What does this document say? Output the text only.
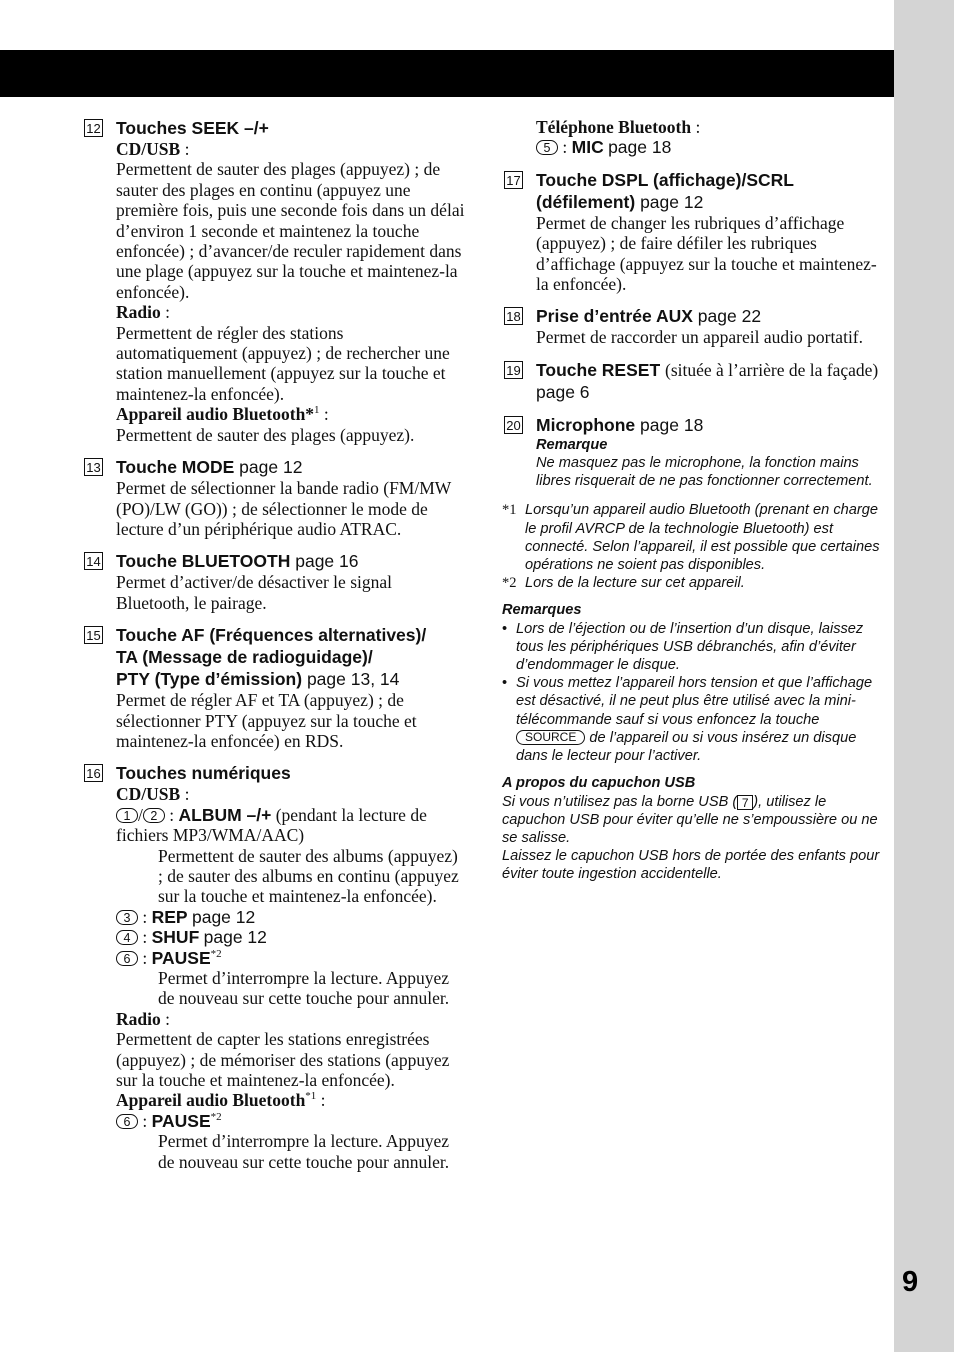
12 Touches SEEK –/+

CD/USB :

Permettent de sauter des plages (appuyez) ; de sauter des plages en continu (appuyez une première fois, puis une seconde fois dans un délai d’environ 1 seconde et maintenez la touche enfoncée) ; d’avancer/de reculer rapidement dans une plage (appuyez sur la touche et maintenez-la enfoncée).

Radio :

Permettent de régler des stations automatiquement (appuyez) ; de rechercher une station manuellement (appuyez sur la touche et maintenez-la enfoncée).

Appareil audio Bluetooth*$^1$ :

Permettent de sauter des plages (appuyez).

13 Touche MODE page 12

Permet de sélectionner la bande radio (FM/MW (PO)/LW (GO)) ; de sélectionner le mode de lecture d’un périphérique audio ATRAC.

14 Touche BLUETOOTH page 16

Permet d’activer/de désactiver le signal Bluetooth, le pairage.

15 Touche AF (Fréquences alternatives)/
TA (Message de radioguidage)/
PTY (Type d’émission) page 13, 14

Permet de régler AF et TA (appuyez) ; de sélectionner PTY (appuyez sur la touche et maintenez-la enfoncée) en RDS.

16 Touches numériques

CD/USB :

1 / 2 : ALBUM –/+ (pendant la lecture de fichiers MP3/WMA/AAC)

Permettent de sauter des albums (appuyez) ; de sauter des albums en continu (appuyez sur la touche et maintenez-la enfoncée).

3 : REP page 12

4 : SHUF page 12

6 : PAUSE$^{*2}$

Permet d’interrompre la lecture. Appuyez de nouveau sur cette touche pour annuler.

Radio :

Permettent de capter les stations enregistrées (appuyez) ; de mémoriser des stations (appuyez sur la touche et maintenez-la enfoncée).

Appareil audio Bluetooth$^{*1}$ :

6 : PAUSE$^{*2}$

Permet d’interrompre la lecture. Appuyez de nouveau sur cette touche pour annuler.

Téléphone Bluetooth :

5 : MIC page 18

17 Touche DSPL (affichage)/SCRL (défilement) page 12

Permet de changer les rubriques d’affichage (appuyez) ; de faire défiler les rubriques d’affichage (appuyez sur la touche et maintenez-la enfoncée).

18 Prise d’entrée AUX page 22

Permet de raccorder un appareil audio portatif.

19 Touche RESET (située à l’arrière de la façade) page 6
20 Microphone page 18
Remarque
Ne masquez pas le microphone, la fonction mains libres risquerait de ne pas fonctionner correctement.
*1 Lorsqu’un appareil audio Bluetooth (prenant en charge le profil AVRCP de la technologie Bluetooth) est connecté. Selon l’appareil, il est possible que certaines opérations ne soient pas disponibles.
*2 Lors de la lecture sur cet appareil.
Remarques
• Lors de l’éjection ou de l’insertion d’un disque, laissez tous les périphériques USB débranchés, afin d’éviter d’endommager le disque.
• Si vous mettez l’appareil hors tension et que l’affichage est désactivé, il ne peut plus être utilisé avec la mini-télécommande sauf si vous enfoncez la touche SOURCE de l’appareil ou si vous insérez un disque dans le lecteur pour l’activer.
A propos du capuchon USB
Si vous n’utilisez pas la borne USB ( 7 ), utilisez le capuchon USB pour éviter qu’elle ne s’empoussière ou ne se salisse.
Laissez le capuchon USB hors de portée des enfants pour éviter toute ingestion accidentelle.
9
